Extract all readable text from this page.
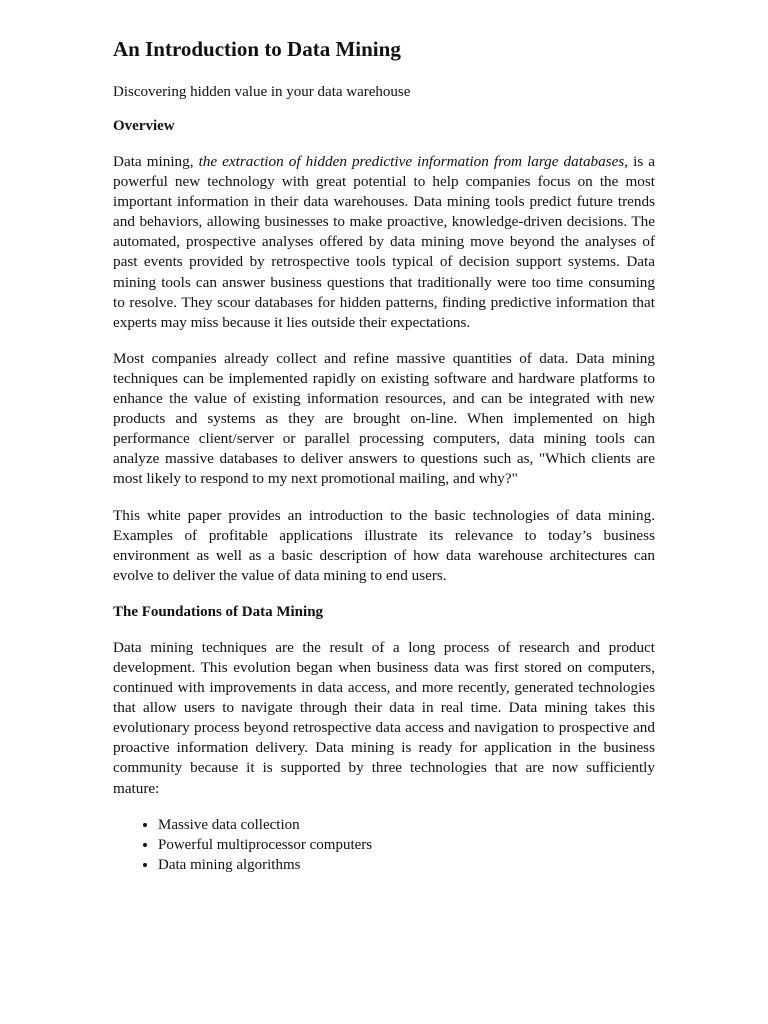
An Introduction to Data Mining
Discovering hidden value in your data warehouse
Overview

Data mining, the extraction of hidden predictive information from large databases, is a powerful new technology with great potential to help companies focus on the most important information in their data warehouses. Data mining tools predict future trends and behaviors, allowing businesses to make proactive, knowledge-driven decisions. The automated, prospective analyses offered by data mining move beyond the analyses of past events provided by retrospective tools typical of decision support systems. Data mining tools can answer business questions that traditionally were too time consuming to resolve. They scour databases for hidden patterns, finding predictive information that experts may miss because it lies outside their expectations.

Most companies already collect and refine massive quantities of data. Data mining techniques can be implemented rapidly on existing software and hardware platforms to enhance the value of existing information resources, and can be integrated with new products and systems as they are brought on-line. When implemented on high performance client/server or parallel processing computers, data mining tools can analyze massive databases to deliver answers to questions such as, "Which clients are most likely to respond to my next promotional mailing, and why?"

This white paper provides an introduction to the basic technologies of data mining. Examples of profitable applications illustrate its relevance to today’s business environment as well as a basic description of how data warehouse architectures can evolve to deliver the value of data mining to end users.

The Foundations of Data Mining

Data mining techniques are the result of a long process of research and product development. This evolution began when business data was first stored on computers, continued with improvements in data access, and more recently, generated technologies that allow users to navigate through their data in real time. Data mining takes this evolutionary process beyond retrospective data access and navigation to prospective and proactive information delivery. Data mining is ready for application in the business community because it is supported by three technologies that are now sufficiently mature:

• Massive data collection
• Powerful multiprocessor computers
• Data mining algorithms
